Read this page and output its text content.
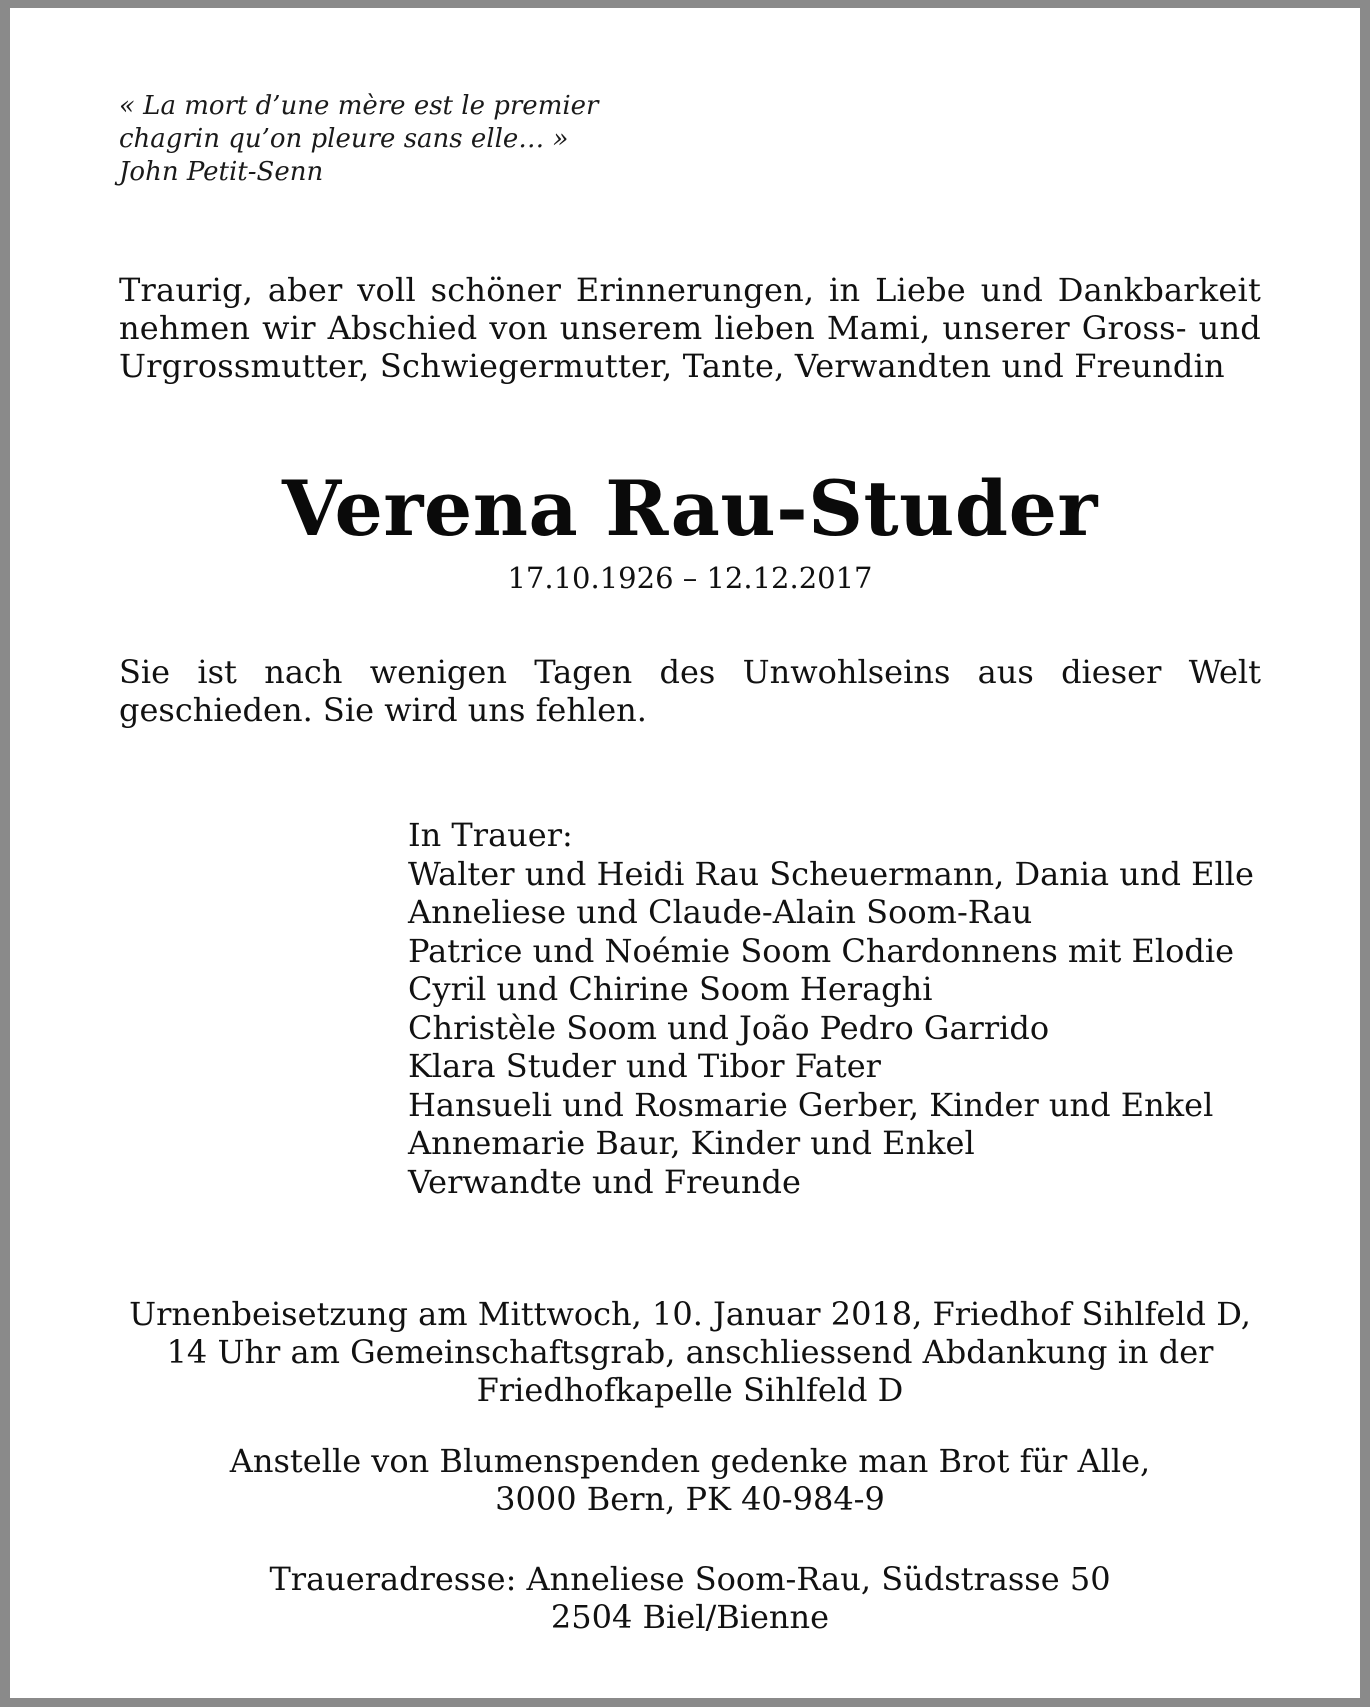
« La mort d’une mère est le premier
chagrin qu’on pleure sans elle… »
John Petit-Senn
Traurig, aber voll schöner Erinnerungen, in Liebe und Dankbarkeit nehmen wir Abschied von unserem lieben Mami, unserer Gross- und Urgrossmutter, Schwiegermutter, Tante, Verwandten und Freundin
Verena Rau-Studer
17.10.1926 – 12.12.2017
Sie ist nach wenigen Tagen des Unwohlseins aus dieser Welt geschieden. Sie wird uns fehlen.
In Trauer:
Walter und Heidi Rau Scheuermann, Dania und Elle
Anneliese und Claude-Alain Soom-Rau
Patrice und Noémie Soom Chardonnens mit Elodie
Cyril und Chirine Soom Heraghi
Christèle Soom und João Pedro Garrido
Klara Studer und Tibor Fater
Hansueli und Rosmarie Gerber, Kinder und Enkel
Annemarie Baur, Kinder und Enkel
Verwandte und Freunde
Urnenbeisetzung am Mittwoch, 10. Januar 2018, Friedhof Sihlfeld D,
14 Uhr am Gemeinschaftsgrab, anschliessend Abdankung in der
Friedhofkapelle Sihlfeld D
Anstelle von Blumenspenden gedenke man Brot für Alle,
3000 Bern, PK 40-984-9
Traueradresse: Anneliese Soom-Rau, Südstrasse 50
2504 Biel/Bienne
